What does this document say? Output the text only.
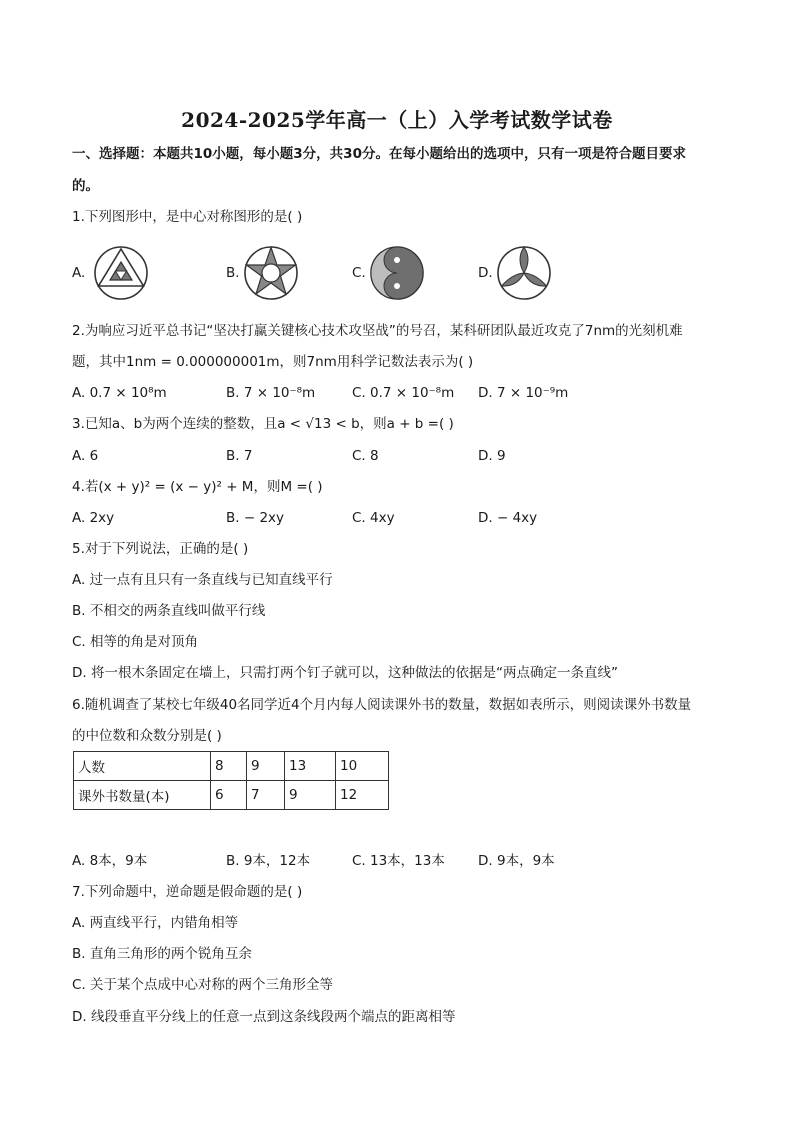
2024-2025学年高一（上）入学考试数学试卷
一、选择题：本题共10小题，每小题3分，共30分。在每小题给出的选项中，只有一项是符合题目要求
的。
1.下列图形中，是中心对称图形的是( )
A.	B.	C.	D.
2.为响应习近平总书记“坚决打赢关键核心技术攻坚战”的号召，某科研团队最近攻克了7nm的光刻机难
题，其中1nm = 0.000000001m，则7nm用科学记数法表示为( )
A. 0.7 × 10⁸m	B. 7 × 10⁻⁸m	C. 0.7 × 10⁻⁸m D. 7 × 10⁻⁹m
3.已知a、b为两个连续的整数，且a < √13 < b，则a + b =( )
A. 6	B. 7	C. 8	D. 9
4.若(x + y)² = (x − y)² + M，则M =( )
A. 2xy	B. − 2xy	C. 4xy	D. − 4xy
5.对于下列说法，正确的是( )
A. 过一点有且只有一条直线与已知直线平行
B. 不相交的两条直线叫做平行线
C. 相等的角是对顶角
D. 将一根木条固定在墙上，只需打两个钉子就可以，这种做法的依据是“两点确定一条直线”
6.随机调查了某校七年级40名同学近4个月内每人阅读课外书的数量，数据如表所示，则阅读课外书数量
的中位数和众数分别是( )
人数	8	9	13	10
课外书数量(本)	6	7	9	12
A. 8本，9本	B. 9本，12本	C. 13本，13本 D. 9本，9本
7.下列命题中，逆命题是假命题的是( )
A. 两直线平行，内错角相等
B. 直角三角形的两个锐角互余
C. 关于某个点成中心对称的两个三角形全等
D. 线段垂直平分线上的任意一点到这条线段两个端点的距离相等
